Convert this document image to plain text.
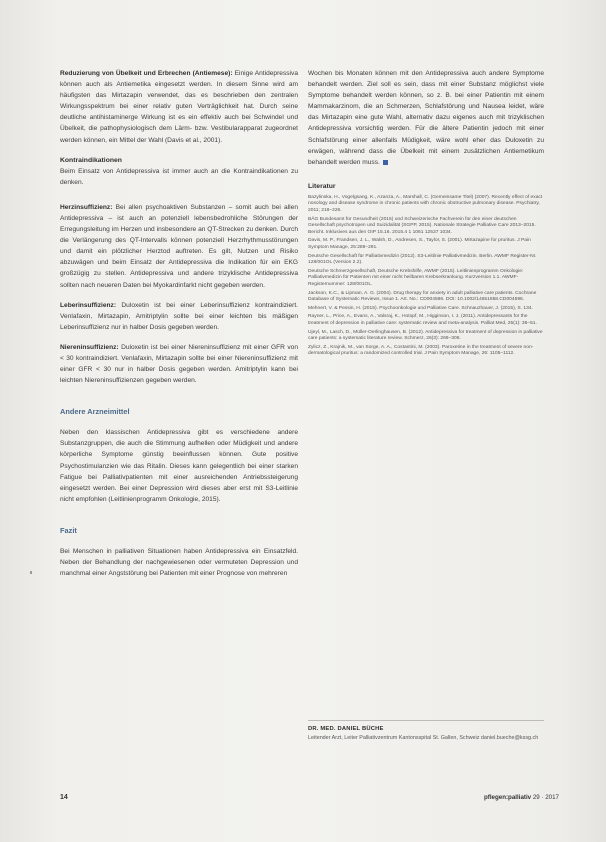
Reduzierung von Übelkeit und Erbrechen (Antiemese): Einige Antidepressiva können auch als Antiemetika eingesetzt werden. In diesem Sinne wird am häufigsten das Mirtazapin verwendet, das es beschrieben den zentralen Wirkungsspektrum bei einer relativ guten Verträglichkeit hat. Durch seine deutliche antihistaminerge Wirkung ist es ein effektiv auch bei Schwindel und Übelkeit, die pathophysiologisch dem Lärm- bzw. Vestibularapparat zugeordnet werden können, ein Mittel der Wahl (Davis et al., 2001).

Kontraindikationen

Beim Einsatz von Antidepressiva ist immer auch an die Kontraindikationen zu denken.

Herzinsuffizienz: Bei allen psychoaktiven Substanzen – somit auch bei allen Antidepressiva – ist auch an potenziell lebensbedrohliche Störungen der Erregungsleitung im Herzen und insbesondere an QT-Strecken zu denken. Durch die Verlängerung des QT-Intervalls können potenziell Herzrhythmusstörungen und damit ein plötzlicher Herztod auftreten. Es gilt, Nutzen und Risiko abzuwägen und beim Einsatz der Antidepressiva die Indikation für ein EKG großzügig zu stellen. Antidepressiva und andere trizyklische Antidepressiva sollten nach neueren Daten bei Myokardinfarkt nicht gegeben werden.

Leberinsuffizienz: Duloxetin ist bei einer Leberinsuffizienz kontraindiziert. Venlafaxin, Mirtazapin, Amitriptylin sollte bei einer leichten bis mäßigen Leberinsuffizienz nur in halber Dosis gegeben werden.

Niereninsuffizienz: Duloxetin ist bei einer Niereninsuffizienz mit einer GFR von < 30 kontraindiziert. Venlafaxin, Mirtazapin sollte bei einer Niereninsuffizienz mit einer GFR < 30 nur in halber Dosis gegeben werden. Amitriptylin kann bei leichten Niereninsuffizienzen gegeben werden.

Andere Arzneimittel

Neben den klassischen Antidepressiva gibt es verschiedene andere Substanzgruppen, die auch die Stimmung aufhellen oder Müdigkeit und andere körperliche Symptome günstig beeinflussen können. Gute positive Psychostimulanzien wie das Ritalin. Dieses kann gelegentlich bei einer starken Fatigue bei Palliativpatienten mit einer ausreichenden Antriebssteigerung eingesetzt werden. Bei einer Depression wird dieses aber erst mit S3-Leitlinie nicht empfohlen (Leitlinienprogramm Onkologie, 2015).

Fazit

Bei Menschen in palliativen Situationen haben Antidepressiva ein Einsatzfeld. Neben der Behandlung der nachgewiesenen oder vermuteten Depression und manchmal einer Angststörung bei Patienten mit einer Prognose von mehreren

Wochen bis Monaten können mit den Antidepressiva auch andere Symptome behandelt werden. Ziel soll es sein, dass mit einer Substanz möglichst viele Symptome behandelt werden können, so z. B. bei einer Patientin mit einem Mammakarzinom, die an Schmerzen, Schlafstörung und Nausea leidet, wäre das Mirtazapin eine gute Wahl, alternativ dazu eigenes auch mit trizyklischen Antidepressiva vorsichtig werden. Für die ältere Patientin jedoch mit einer Schlafstörung einer allenfalls Müdigkeit, wäre wohl eher das Duloxetin zu erwägen, während dass die Übelkeit mit einem zusätzlichen Antiemetikum behandelt werden muss.

Literatur

Bazylinska, H., Vogelgsang, K., Azanza, A., Marshall, C. (Gemeinsame Titel) (2007). Recently effect of exact nosology and disease syndrome in chronic patients with chronic obstructive pulmonary disease. Psychiatry, 2011; 218–226.

BÄG Bundesamt für Gesundheit (2015) und Schweizerische Fachverein für den einer deutschen Gesellschaft psychotropen und Suizidalität (SGPP, 2015). Nationale Strategie Palliative Care 2013–2015. Bericht. Inklusives aus den OIP 15.16. 2015.4 1 1061 12537 1034.

Davis, M. P., Frandsen, J. L., Walsh, D., Andresen, S., Taylor, S. (2001). Mirtazapine for pruritus. J Pain Symptom Manage, 25:288–291.

Deutsche Gesellschaft für Palliativmedizin (2012). S3-Leitlinie Palliativmedizin. Berlin. AWMF Register-Nr. 128/001OL (Version 2.2).

Deutsche Schmerzgesellschaft, Deutsche Krebshilfe, AWMF (2015). Leitlinienprogramm Onkologie: Palliativmedizin für Patienten mit einer nicht heilbaren Krebserkrankung. Kurzversion 1.1. AWMF-Registernummer: 128/001OL.

Jackson, K.C., & Lipman, A. G. (2004). Drug therapy for anxiety in adult palliative care patients. Cochrane Database of Systematic Reviews, Issue 1. Art. No.: CD004596. DOI: 10.1002/14651858.CD004596.

Mehnert, V. & Pessin, H. (2015). Psychoonkologie und Palliative Care. Schnauzhauer, J. (2015), S. 134.

Rayner, L., Price, A., Evans, A., Valsraj, K., Hotopf, M., Higginson, I. J. (2011). Antidepressants for the treatment of depression in palliative care: systematic review and meta-analysis. Palliat Med, 25(1): 36–51.

Ujeyl, M., Lasch, D., Müller-Oerlinghausen, B. (2012). Antidepressiva for treatment of depression in palliative care patients: a systematic literature review. Schmerz, 26(3): 269–306.

Zylicz, Z., Krajnik, M., van Sorge, A. A., Costantini, M. (2003). Paroxetine in the treatment of severe non-dermatological pruritus: a randomized controlled trial. J Pain Symptom Manage, 26: 1105–1112.

DR. MED. DANIEL BÜCHE

Leitender Arzt, Leiter Palliativzentrum Kantonsspital St. Gallen, Schweiz daniel.bueche@kssg.ch

14	pflegen:palliativ 29 · 2017
